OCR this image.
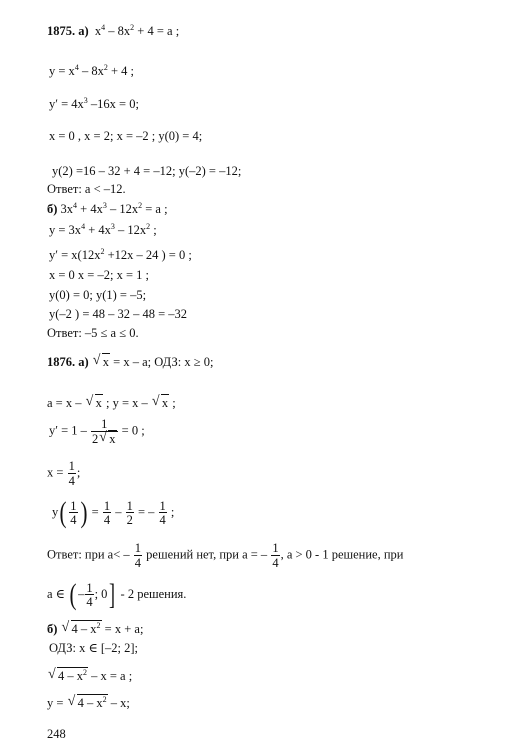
1875. а) $x^4 - 8x^2 + 4 = a$ ;
$y = x^4 - 8x^2 + 4$ ;
$y' = 4x^3$ –16x = 0;
x = 0 , x = 2; x = –2 ; y(0) = 4;
y(2) =16 – 32 + 4 = –12; y(–2) = –12;
Ответ: a < –12.
б) $3x^4 + 4x^3 - 12x^2 = a$ ;
$y = 3x^4 + 4x^3 - 12x^2$ ;
$y' = x(12x^2 +12x - 24$ ) = 0 ;
x = 0 x = –2; x = 1 ;
y(0) = 0; y(1) = –5;
y(–2 ) = 48 – 32 – 48 = –32
Ответ: –5 ≤ a ≤ 0.
1876. а) √ x = x – a; ОДЗ: x ≥ 0;
a = x – √ x ; y = x – √ x ;
$y' = 1 - \frac{1}{2 √ x} = 0$ ;
$x = \frac{1}{4}$ ;
$y( \frac{1}{4}$ ) = $\frac{1}{4} - \frac{1}{2}$ = – $\frac{1}{4}$ ;
Ответ: при $a< - \frac{1}{4}$ решений нет, при a = – $\frac{1}{4}$ , a > 0 - 1 решение, при
a ∈ ( – $\frac{1}{4}$ ; 0] - 2 решения.
б) √ $4 - x^2 = x + a$;
ОДЗ: x ∈ [–2; 2];
√ $4 - x^2 - x = a$ ;
y = √ $4 - x^2$ – x;
248
